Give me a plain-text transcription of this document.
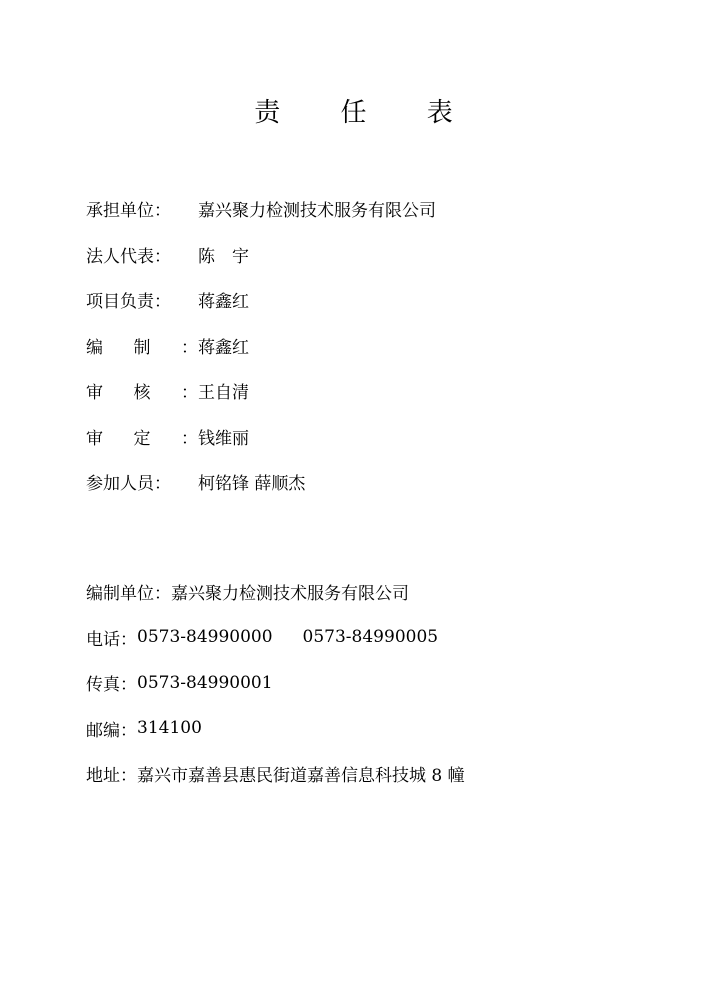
责 任 表
承担单位：	嘉兴聚力检测技术服务有限公司
法人代表：	陈　宇
项目负责：	蒋鑫红
编制： 蒋鑫红
审核： 王自清
审定： 钱维丽
参加人员：	柯铭锋 薛顺杰
编制单位： 嘉兴聚力检测技术服务有限公司
电话： 0573-84990000 0573-84990005
传真： 0573-84990001
邮编： 314100
地址： 嘉兴市嘉善县惠民街道嘉善信息科技城 8 幢
